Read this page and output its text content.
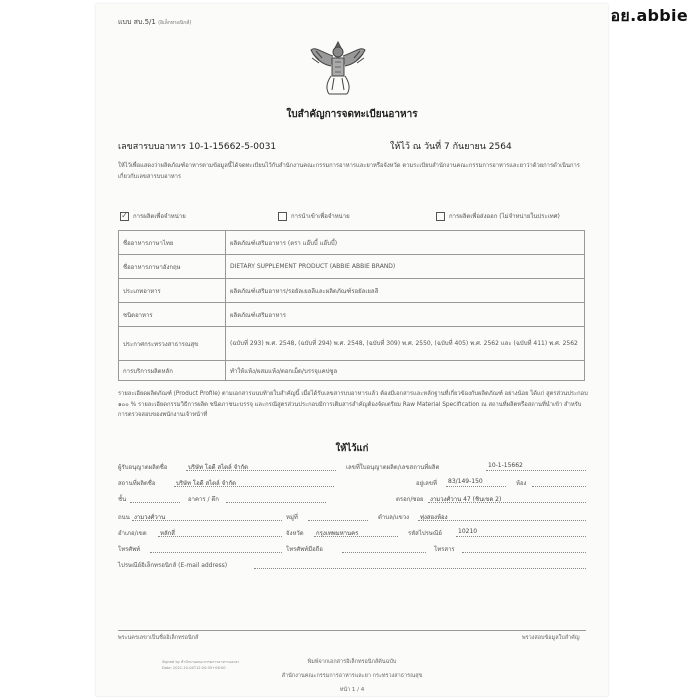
อย.abbie
แบบ สบ.5/1 (อิเล็กทรอนิกส์)
ใบสำคัญการจดทะเบียนอาหาร
เลขสารบบอาหาร 10-1-15662-5-0031	ให้ไว้ ณ วันที่ 7 กันยายน 2564
ให้ไว้เพื่อแสดงว่าผลิตภัณฑ์อาหารตามข้อมูลนี้ได้จดทะเบียนไว้กับสำนักงานคณะกรรมการอาหารและยาหรือจังหวัด ตามระเบียบสำนักงานคณะกรรมการอาหารและยาว่าด้วยการดำเนินการเกี่ยวกับเลขสารบบอาหาร
✓ การผลิตเพื่อจำหน่าย	การนำเข้าเพื่อจำหน่าย	การผลิตเพื่อส่งออก (ไม่จำหน่ายในประเทศ)
ชื่ออาหารภาษาไทย	ผลิตภัณฑ์เสริมอาหาร (ตรา แอ๊บบี้ แอ๊บบี้)
ชื่ออาหารภาษาอังกฤษ	DIETARY SUPPLEMENT PRODUCT (ABBIE ABBIE BRAND)
ประเภทอาหาร	ผลิตภัณฑ์เสริมอาหาร/รอยัลเยลลีและผลิตภัณฑ์รอยัลเยลลี
ชนิดอาหาร	ผลิตภัณฑ์เสริมอาหาร
ประกาศกระทรวงสาธารณสุข	(ฉบับที่ 293) พ.ศ. 2548, (ฉบับที่ 294) พ.ศ. 2548, (ฉบับที่ 309) พ.ศ. 2550, (ฉบับที่ 405) พ.ศ. 2562 และ (ฉบับที่ 411) พ.ศ. 2562
การบริการผลิตหลัก	ทำให้แห้ง/ผสมแห้ง/ตอกเม็ด/บรรจุแคปซูล
รายละเอียดผลิตภัณฑ์ (Product Profile) ตามเอกสารแนบท้ายใบสำคัญนี้ เมื่อได้รับเลขสารบบอาหารแล้ว ต้องมีเอกสารและหลักฐานที่เกี่ยวข้องกับผลิตภัณฑ์ อย่างน้อย ได้แก่ สูตรส่วนประกอบ ๑๐๐ % รายละเอียดกรรมวิธีการผลิต ชนิดภาชนะบรรจุ และกรณีสูตรส่วนประกอบมีการเติมสารสำคัญต้องจัดเตรียม Raw Material Specification ณ สถานที่ผลิตหรือสถานที่นำเข้า สำหรับการตรวจสอบของพนักงานเจ้าหน้าที่
ให้ไว้แก่
ผู้รับอนุญาตผลิตชื่อ	บริษัท โอดี สไตล์ จำกัด	เลขที่ใบอนุญาตผลิต/เลขสถานที่ผลิต	10-1-15662
สถานที่ผลิตชื่อ	บริษัท โอดี สไตล์ จำกัด	อยู่เลขที่ 83/149-150	ห้อง
ชั้น	อาคาร / ตึก	ตรอก/ซอย งามวงศ์วาน 47 (ชินเขต 2)
ถนน งามวงศ์วาน	หมู่ที่	ตำบล/แขวง ทุ่งสองห้อง
อำเภอ/เขต หลักสี่	จังหวัด กรุงเทพมหานคร	รหัสไปรษณีย์	10210
โทรศัพท์	โทรศัพท์มือถือ	โทรสาร
ไปรษณีย์อิเล็กทรอนิกส์ (E-mail address)
พระนครเลขาเป็นชื่ออิเล็กทรอนิกส์	พรวงสอบข้อมูลใบสำคัญ
Signed by สำนักงานคณะกรรมการอาหารและยา
Date: 2021-10-04T12:20:35+08:00
พิมพ์จากเอกสารอิเล็กทรอนิกส์ต้นฉบับ
สำนักงานคณะกรรมการอาหารและยา กระทรวงสาธารณสุข
หน้า 1 / 4
